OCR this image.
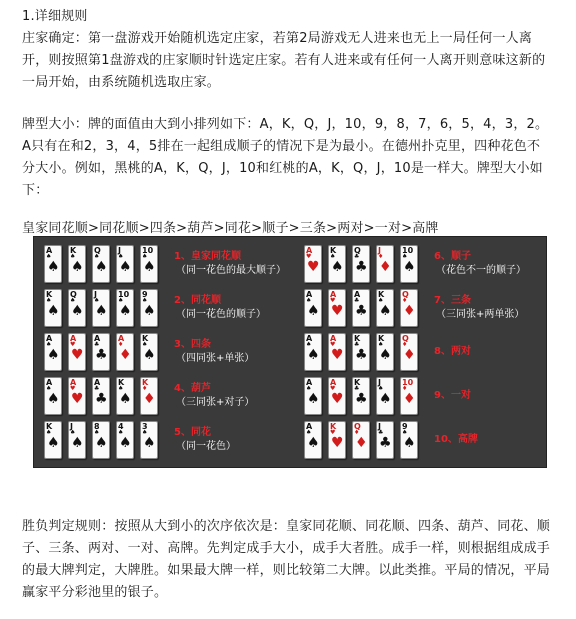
1.详细规则
庄家确定：第一盘游戏开始随机选定庄家，若第2局游戏无人进来也无上一局任何一人离开，则按照第1盘游戏的庄家顺时针选定庄家。若有人进来或有任何一人离开则意味这新的一局开始，由系统随机选取庄家。
牌型大小：牌的面值由大到小排列如下：A，K，Q，J，10，9，8，7，6，5，4，3，2。A只有在和2，3，4，5排在一起组成顺子的情况下是为最小。在德州扑克里，四种花色不分大小。例如，黑桃的A，K，Q，J，10和红桃的A，K，Q，J，10是一样大。牌型大小如下：
皇家同花顺>同花顺>四条>葫芦>同花>顺子>三条>两对>一对>高牌
A
♠
♠
K
♠
♠
Q
♠
♠
J
♠
♠
10
♠
♠
1、皇家同花顺
（同一花色的最大顺子）
K
♠
♠
Q
♠
♠
J
♠
♠
10
♠
♠
9
♠
♠
2、同花顺
（同一花色的顺子）
A
♠
♠
A
♥
♥
A
♣
♣
A
♦
♦
K
♠
♠
3、四条
（四同张+单张）
A
♠
♠
A
♥
♥
A
♣
♣
K
♠
♠
K
♦
♦
4、葫芦
（三同张+对子）
K
♠
♠
J
♠
♠
8
♠
♠
4
♠
♠
3
♠
♠
5、同花
（同一花色）
A
♥
♥
K
♠
♠
Q
♣
♣
J
♦
♦
10
♠
♠
6、顺子
（花色不一的顺子）
A
♠
♠
A
♥
♥
A
♣
♣
K
♠
♠
Q
♦
♦
7、三条
（三同张+两单张）
A
♠
♠
A
♥
♥
K
♣
♣
K
♠
♠
Q
♦
♦ 8、两对
A
♠
♠
A
♥
♥
K
♣
♣
J
♠
♠
10
♦
♦ 9、一对
A
♠
♠
K
♥
♥
Q
♦
♦
J
♣
♣
9
♠
♠ 10、高牌
胜负判定规则：按照从大到小的次序依次是：皇家同花顺、同花顺、四条、葫芦、同花、顺子、三条、两对、一对、高牌。先判定成手大小，成手大者胜。成手一样，则根据组成成手的最大牌判定，大牌胜。如果最大牌一样，则比较第二大牌。以此类推。平局的情况，平局赢家平分彩池里的银子。
